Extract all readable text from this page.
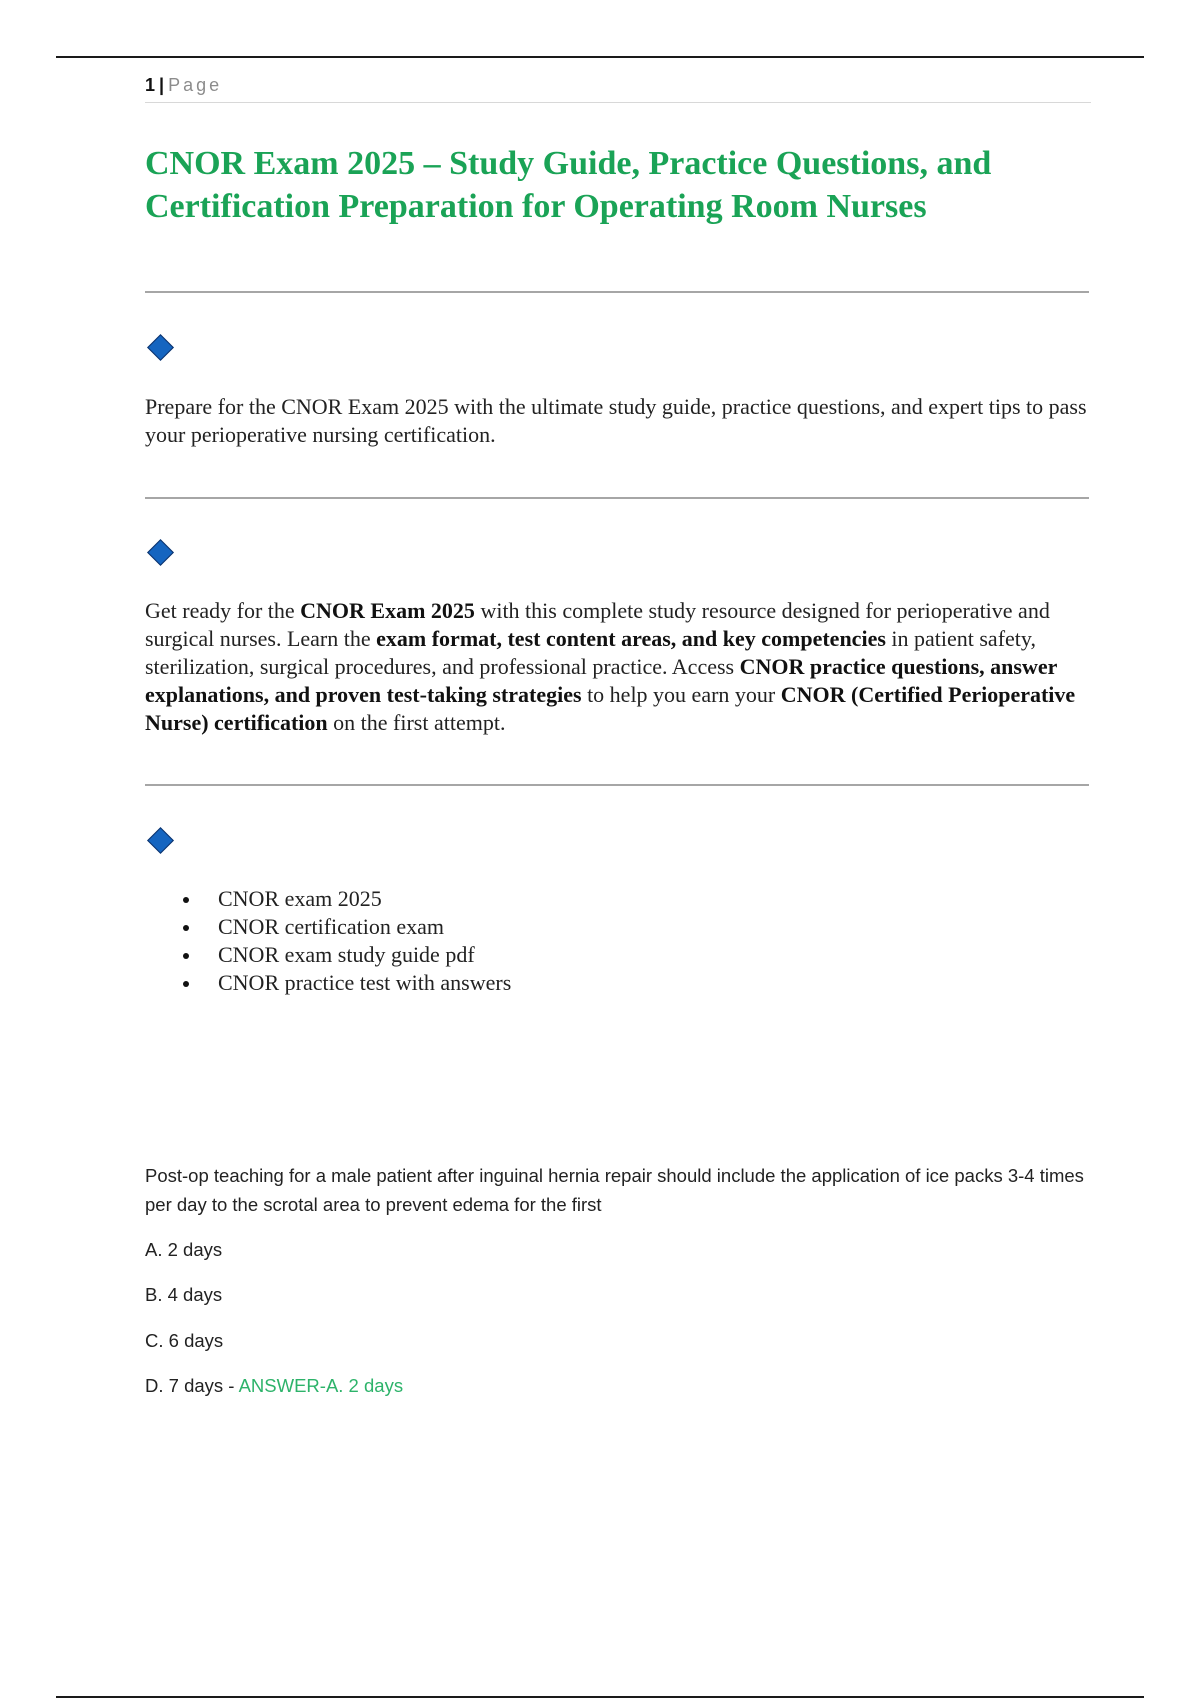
1 | Page
CNOR Exam 2025 – Study Guide, Practice Questions, and Certification Preparation for Operating Room Nurses

Prepare for the CNOR Exam 2025 with the ultimate study guide, practice questions, and expert tips to pass your perioperative nursing certification.

Get ready for the CNOR Exam 2025 with this complete study resource designed for perioperative and surgical nurses. Learn the exam format, test content areas, and key competencies in patient safety, sterilization, surgical procedures, and professional practice. Access CNOR practice questions, answer explanations, and proven test-taking strategies to help you earn your CNOR (Certified Perioperative Nurse) certification on the first attempt.

CNOR exam 2025
CNOR certification exam
CNOR exam study guide pdf
CNOR practice test with answers

Post-op teaching for a male patient after inguinal hernia repair should include the application of ice packs 3-4 times per day to the scrotal area to prevent edema for the first

A. 2 days

B. 4 days

C. 6 days

D. 7 days - ANSWER-A. 2 days
